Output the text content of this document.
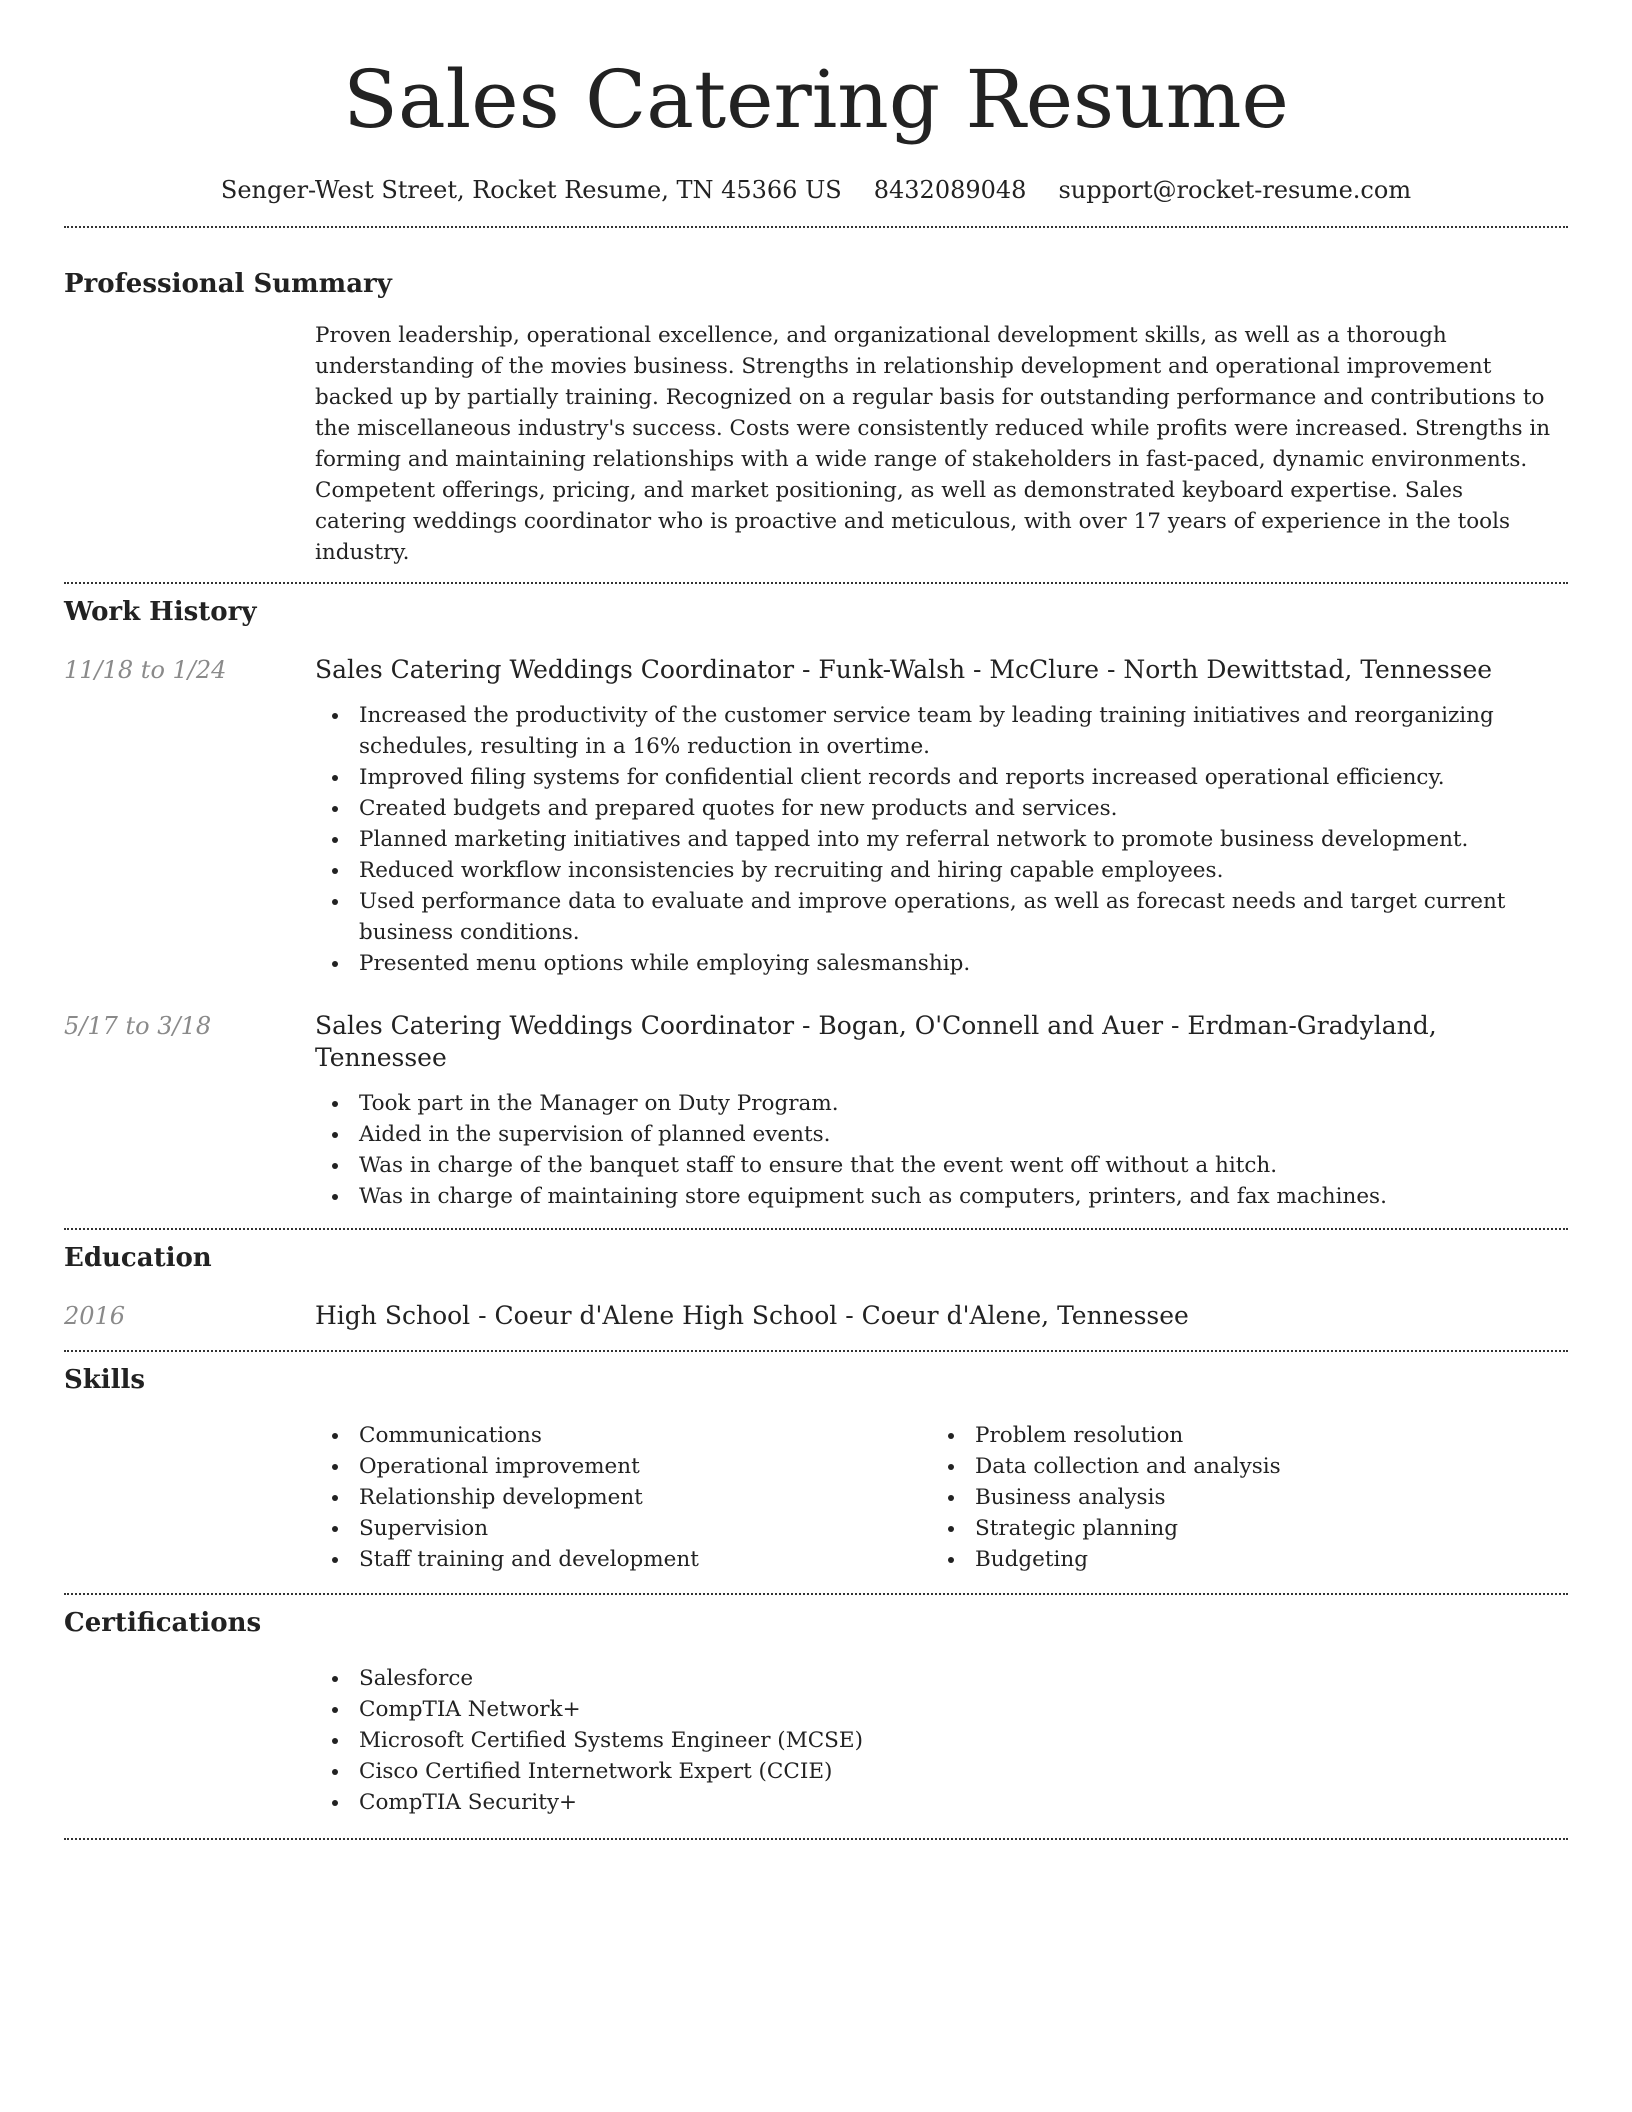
Sales Catering Resume
Senger-West Street, Rocket Resume, TN 45366 US 8432089048 support@rocket-resume.com
Professional Summary

Proven leadership, operational excellence, and organizational development skills, as well as a thorough understanding of the movies business. Strengths in relationship development and operational improvement backed up by partially training. Recognized on a regular basis for outstanding performance and contributions to the miscellaneous industry's success. Costs were consistently reduced while profits were increased. Strengths in forming and maintaining relationships with a wide range of stakeholders in fast-paced, dynamic environments. Competent offerings, pricing, and market positioning, as well as demonstrated keyboard expertise. Sales catering weddings coordinator who is proactive and meticulous, with over 17 years of experience in the tools industry.

Work History
11/18 to 1/24	Sales Catering Weddings Coordinator - Funk-Walsh - McClure - North Dewittstad, Tennessee
Increased the productivity of the customer service team by leading training initiatives and reorganizing schedules, resulting in a 16% reduction in overtime.
Improved filing systems for confidential client records and reports increased operational efficiency.
Created budgets and prepared quotes for new products and services.
Planned marketing initiatives and tapped into my referral network to promote business development.
Reduced workflow inconsistencies by recruiting and hiring capable employees.
Used performance data to evaluate and improve operations, as well as forecast needs and target current business conditions.
Presented menu options while employing salesmanship.
5/17 to 3/18	Sales Catering Weddings Coordinator - Bogan, O'Connell and Auer - Erdman-Gradyland, Tennessee
Took part in the Manager on Duty Program.
Aided in the supervision of planned events.
Was in charge of the banquet staff to ensure that the event went off without a hitch.
Was in charge of maintaining store equipment such as computers, printers, and fax machines.
Education
2016	High School - Coeur d'Alene High School - Coeur d'Alene, Tennessee
Skills
Communications
Operational improvement
Relationship development
Supervision
Staff training and development
Problem resolution
Data collection and analysis
Business analysis
Strategic planning
Budgeting
Certifications
Salesforce
CompTIA Network+
Microsoft Certified Systems Engineer (MCSE)
Cisco Certified Internetwork Expert (CCIE)
CompTIA Security+
